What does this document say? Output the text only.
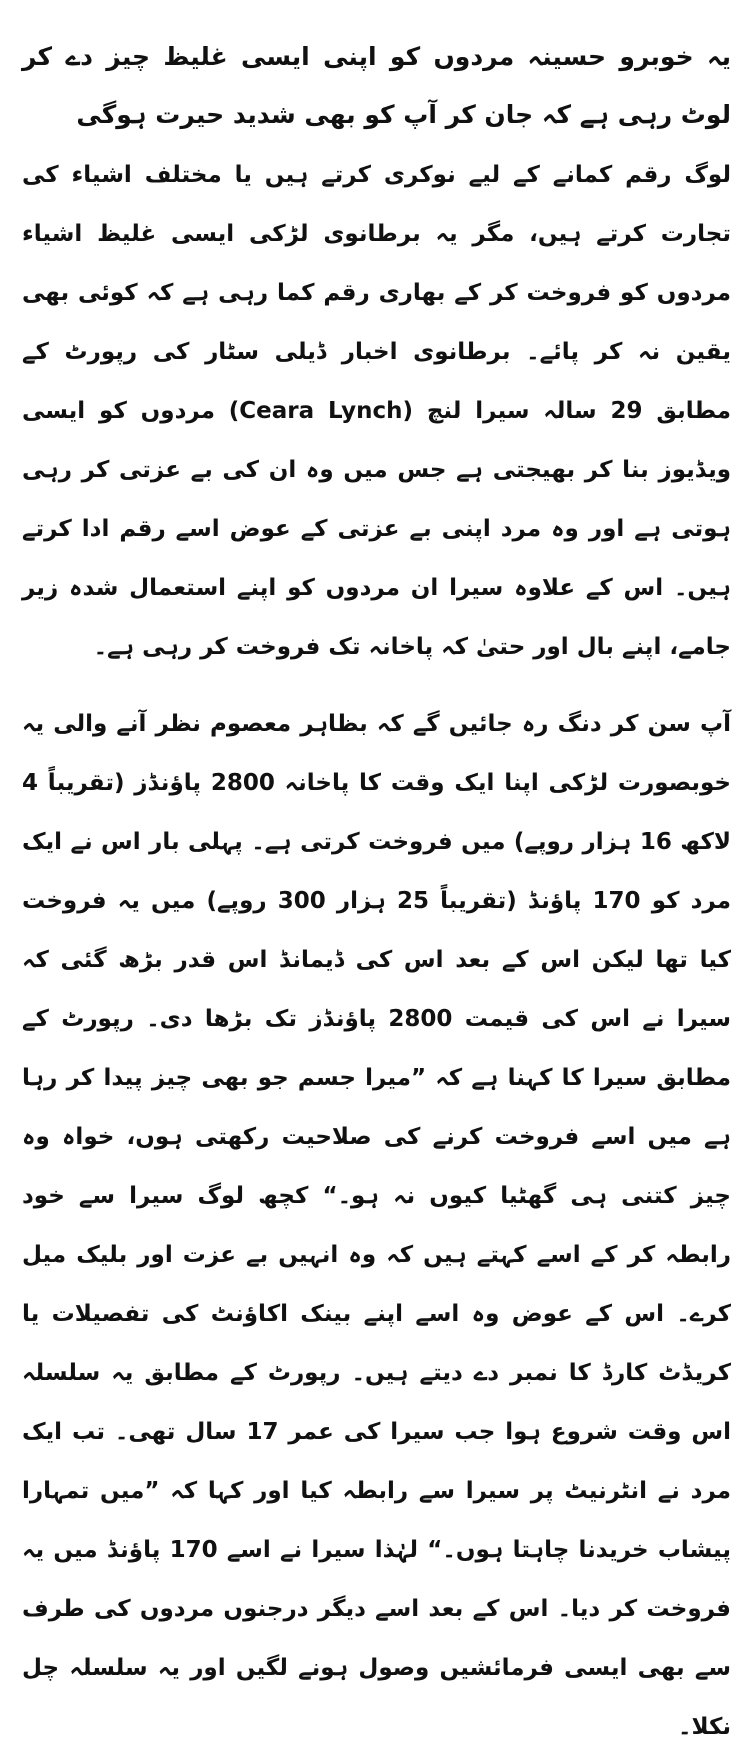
یہ خوبرو حسینہ مردوں کو اپنی ایسی غلیظ چیز دے کر لوٹ رہی ہے کہ جان کر آپ کو بھی شدید حیرت ہوگی

لوگ رقم کمانے کے لیے نوکری کرتے ہیں یا مختلف اشیاء کی تجارت کرتے ہیں، مگر یہ برطانوی لڑکی ایسی غلیظ اشیاء مردوں کو فروخت کر کے بھاری رقم کما رہی ہے کہ کوئی بھی یقین نہ کر پائے۔ برطانوی اخبار ڈیلی سٹار کی رپورٹ کے مطابق 29 سالہ سیرا لنچ (Ceara Lynch) مردوں کو ایسی ویڈیوز بنا کر بھیجتی ہے جس میں وہ ان کی بے عزتی کر رہی ہوتی ہے اور وہ مرد اپنی بے عزتی کے عوض اسے رقم ادا کرتے ہیں۔ اس کے علاوہ سیرا ان مردوں کو اپنے استعمال شدہ زیر جامے، اپنے بال اور حتیٰ کہ پاخانہ تک فروخت کر رہی ہے۔

آپ سن کر دنگ رہ جائیں گے کہ بظاہر معصوم نظر آنے والی یہ خوبصورت لڑکی اپنا ایک وقت کا پاخانہ 2800 پاؤنڈز (تقریباً 4 لاکھ 16 ہزار روپے) میں فروخت کرتی ہے۔ پہلی بار اس نے ایک مرد کو 170 پاؤنڈ (تقریباً 25 ہزار 300 روپے) میں یہ فروخت کیا تھا لیکن اس کے بعد اس کی ڈیمانڈ اس قدر بڑھ گئی کہ سیرا نے اس کی قیمت 2800 پاؤنڈز تک بڑھا دی۔ رپورٹ کے مطابق سیرا کا کہنا ہے کہ ”میرا جسم جو بھی چیز پیدا کر رہا ہے میں اسے فروخت کرنے کی صلاحیت رکھتی ہوں، خواہ وہ چیز کتنی ہی گھٹیا کیوں نہ ہو۔“ کچھ لوگ سیرا سے خود رابطہ کر کے اسے کہتے ہیں کہ وہ انہیں بے عزت اور بلیک میل کرے۔ اس کے عوض وہ اسے اپنے بینک اکاؤنٹ کی تفصیلات یا کریڈٹ کارڈ کا نمبر دے دیتے ہیں۔ رپورٹ کے مطابق یہ سلسلہ اس وقت شروع ہوا جب سیرا کی عمر 17 سال تھی۔ تب ایک مرد نے انٹرنیٹ پر سیرا سے رابطہ کیا اور کہا کہ ”میں تمہارا پیشاب خریدنا چاہتا ہوں۔“ لہٰذا سیرا نے اسے 170 پاؤنڈ میں یہ فروخت کر دیا۔ اس کے بعد اسے دیگر درجنوں مردوں کی طرف سے بھی ایسی فرمائشیں وصول ہونے لگیں اور یہ سلسلہ چل نکلا۔
